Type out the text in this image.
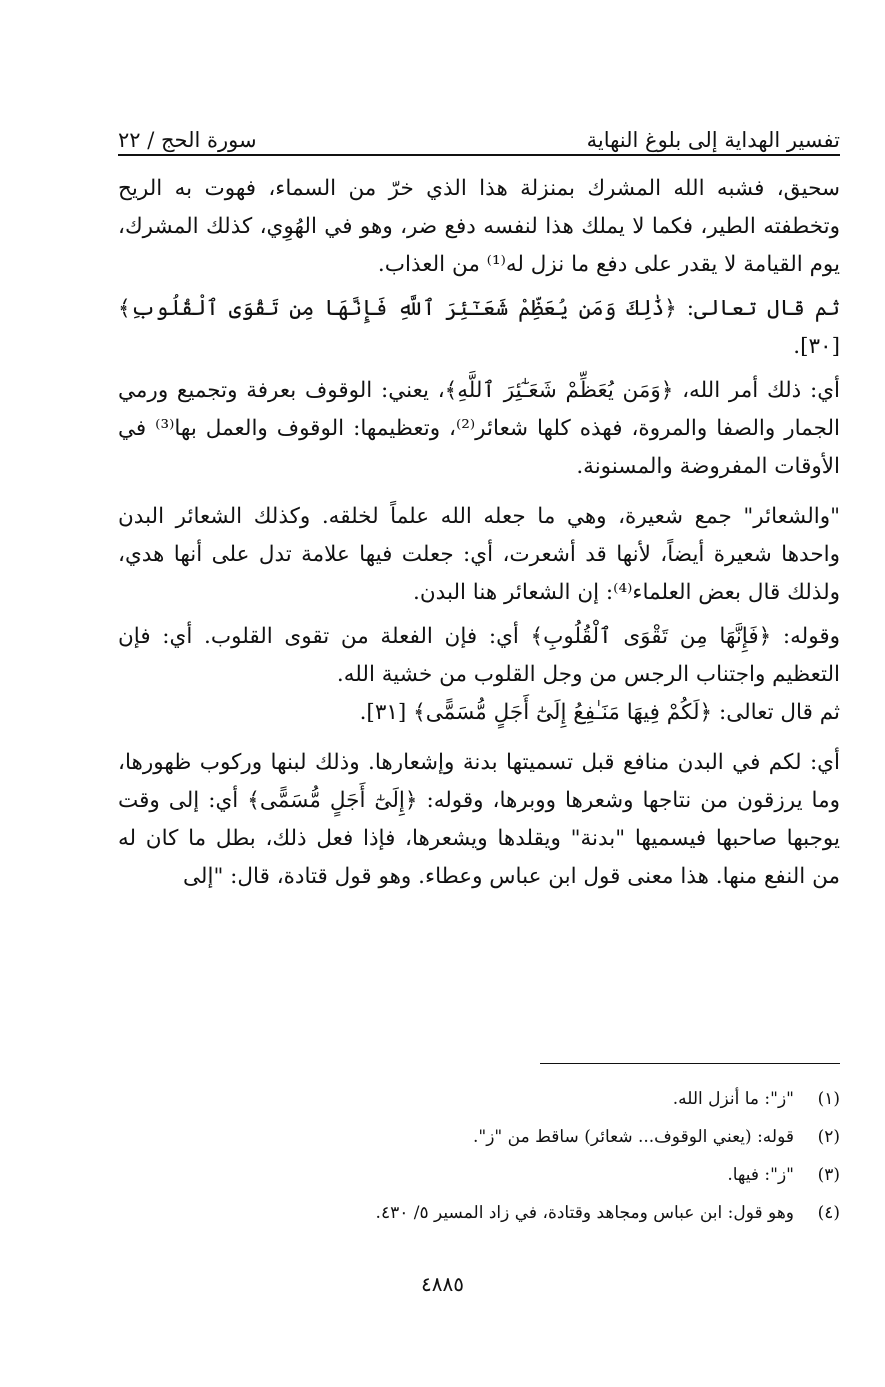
تفسير الهداية إلى بلوغ النهاية
سورة الحج / ٢٢

سحيق، فشبه الله المشرك بمنزلة هذا الذي خرّ من السماء، فهوت به الريح وتخطفته الطير، فكما لا يملك هذا لنفسه دفع ضر، وهو في الهُوِي، كذلك المشرك، يوم القيامة لا يقدر على دفع ما نزل له⁽¹⁾ من العذاب.

ثم قال تعالى: ﴿ذَٰلِكَ وَمَن يُعَظِّمْ شَعَـٰٓئِرَ ٱللَّهِ فَإِنَّهَا مِن تَقْوَى ٱلْقُلُوبِ﴾ [٣٠].

أي: ذلك أمر الله، ﴿وَمَن يُعَظِّمْ شَعَـٰٓئِرَ ٱللَّهِ﴾، يعني: الوقوف بعرفة وتجميع ورمي الجمار والصفا والمروة، فهذه كلها شعائر⁽²⁾، وتعظيمها: الوقوف والعمل بها⁽³⁾ في الأوقات المفروضة والمسنونة.

"والشعائر" جمع شعيرة، وهي ما جعله الله علماً لخلقه. وكذلك الشعائر البدن واحدها شعيرة أيضاً، لأنها قد أشعرت، أي: جعلت فيها علامة تدل على أنها هدي، ولذلك قال بعض العلماء⁽⁴⁾: إن الشعائر هنا البدن.

وقوله: ﴿فَإِنَّهَا مِن تَقْوَى ٱلْقُلُوبِ﴾ أي: فإن الفعلة من تقوى القلوب. أي: فإن التعظيم واجتناب الرجس من وجل القلوب من خشية الله.

ثم قال تعالى: ﴿لَكُمْ فِيهَا مَنَـٰفِعُ إِلَىٰٓ أَجَلٍ مُّسَمًّى﴾ [٣١].

أي: لكم في البدن منافع قبل تسميتها بدنة وإشعارها. وذلك لبنها وركوب ظهورها، وما يرزقون من نتاجها وشعرها ووبرها، وقوله: ﴿إِلَىٰٓ أَجَلٍ مُّسَمًّى﴾ أي: إلى وقت يوجبها صاحبها فيسميها "بدنة" ويقلدها ويشعرها، فإذا فعل ذلك، بطل ما كان له من النفع منها. هذا معنى قول ابن عباس وعطاء. وهو قول قتادة، قال: "إلى

(١)
"ز": ما أنزل الله.
(٢)
قوله: (يعني الوقوف... شعائر) ساقط من "ز".
(٣)
"ز": فيها.
(٤)
وهو قول: ابن عباس ومجاهد وقتادة، في زاد المسير ٥/ ٤٣٠.
٤٨٨٥
